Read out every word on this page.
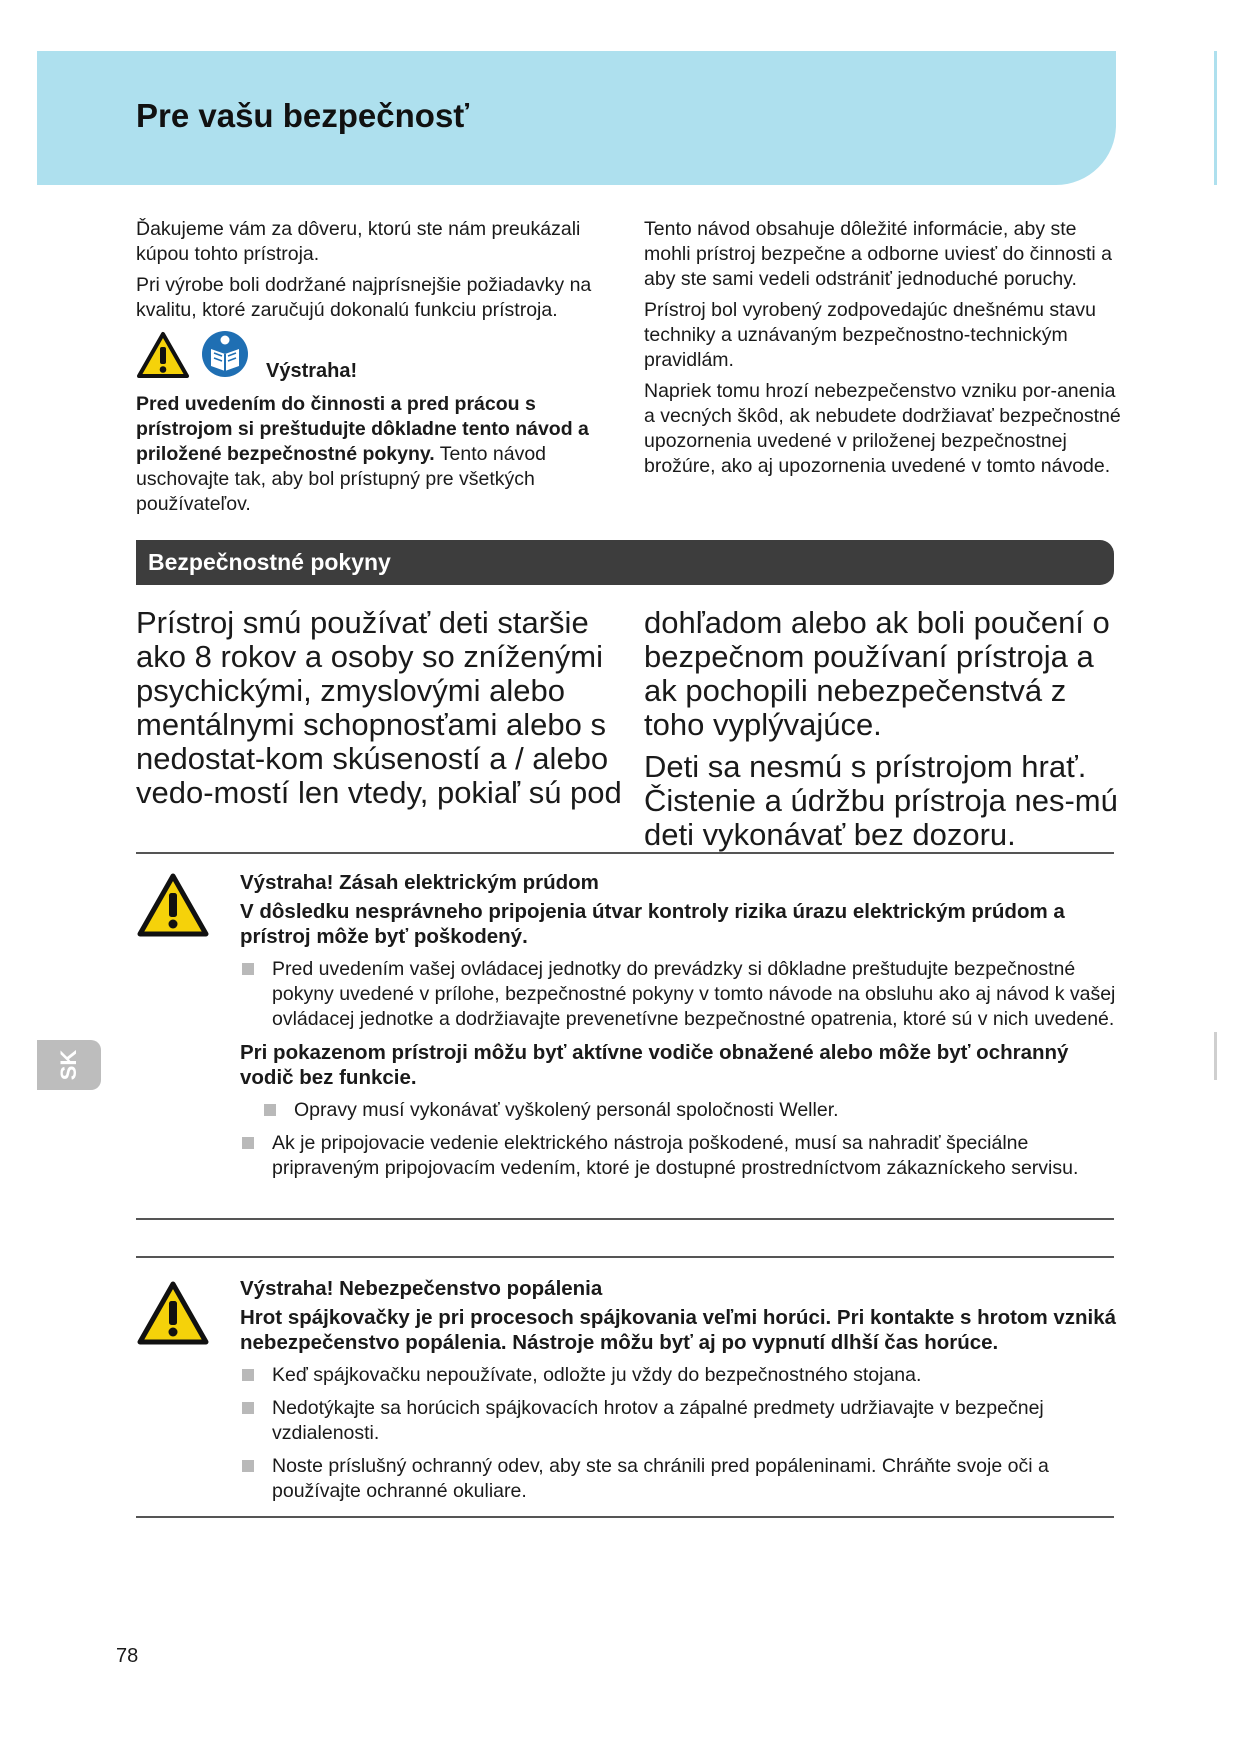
Pre vašu bezpečnosť

Ďakujeme vám za dôveru, ktorú ste nám preukázali kúpou tohto prístroja.

Pri výrobe boli dodržané najprísnejšie požiadavky na kvalitu, ktoré zaručujú dokonalú funkciu prístroja.

Výstraha!

Pred uvedením do činnosti a pred prácou s prístrojom si preštudujte dôkladne tento návod a priložené bezpečnostné pokyny. Tento návod uschovajte tak, aby bol prístupný pre všetkých používateľov.

Tento návod obsahuje dôležité informácie, aby ste mohli prístroj bezpečne a odborne uviesť do činnosti a aby ste sami vedeli odstrániť jednoduché poruchy.

Prístroj bol vyrobený zodpovedajúc dnešnému stavu techniky a uznávaným bezpečnostno-technickým pravidlám.

Napriek tomu hrozí nebezpečenstvo vzniku por-anenia a vecných škôd, ak nebudete dodržiavať bezpečnostné upozornenia uvedené v priloženej bezpečnostnej brožúre, ako aj upozornenia uvedené v tomto návode.

Bezpečnostné pokyny

Prístroj smú používať deti staršie ako 8 rokov a osoby so zníženými psychickými, zmyslovými alebo mentálnymi schopnosťami alebo s nedostat-kom skúseností a / alebo vedo-mostí len vtedy, pokiaľ sú pod

dohľadom alebo ak boli poučení o bezpečnom používaní prístroja a ak pochopili nebezpečenstvá z toho vyplývajúce.

Deti sa nesmú s prístrojom hrať. Čistenie a údržbu prístroja nes-mú deti vykonávať bez dozoru.

Výstraha! Zásah elektrickým prúdom

V dôsledku nesprávneho pripojenia útvar kontroly rizika úrazu elektrickým prúdom a prístroj môže byť poškodený.

Pred uvedením vašej ovládacej jednotky do prevádzky si dôkladne preštudujte bezpečnostné pokyny uvedené v prílohe, bezpečnostné pokyny v tomto návode na obsluhu ako aj návod k vašej ovládacej jednotke a dodržiavajte prevenetívne bezpečnostné opatrenia, ktoré sú v nich uvedené.

Pri pokazenom prístroji môžu byť aktívne vodiče obnažené alebo môže byť ochranný vodič bez funkcie.

Opravy musí vykonávať vyškolený personál spoločnosti Weller.
Ak je pripojovacie vedenie elektrického nástroja poškodené, musí sa nahradiť špeciálne pripraveným pripojovacím vedením, ktoré je dostupné prostredníctvom zákazníckeho servisu.

Výstraha! Nebezpečenstvo popálenia

Hrot spájkovačky je pri procesoch spájkovania veľmi horúci. Pri kontakte s hrotom vzniká nebezpečenstvo popálenia. Nástroje môžu byť aj po vypnutí dlhší čas horúce.

Keď spájkovačku nepoužívate, odložte ju vždy do bezpečnostného stojana.
Nedotýkajte sa horúcich spájkovacích hrotov a zápalné predmety udržiavajte v bezpečnej vzdialenosti.
Noste príslušný ochranný odev, aby ste sa chránili pred popáleninami. Chráňte svoje oči a používajte ochranné okuliare.
SK
78
